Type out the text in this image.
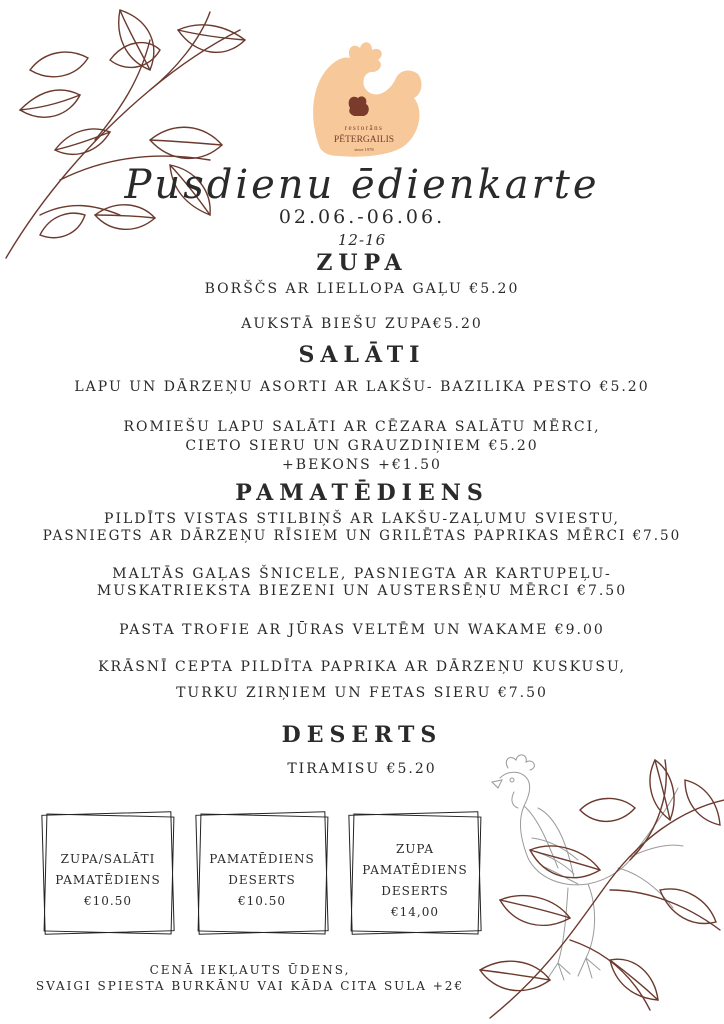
restorāns
PĒTERGAILIS
since 1978
Pusdienu ēdienkarte
02.06.-06.06.
12-16
ZUPA
BORŠČS AR LIELLOPA GAĻU €5.20
AUKSTĀ BIEŠU ZUPA€5.20
SALĀTI
LAPU UN DĀRZEŅU ASORTI AR LAKŠU- BAZILIKA PESTO €5.20
ROMIEŠU LAPU SALĀTI AR CĒZARA SALĀTU MĒRCI,
CIETO SIERU UN GRAUZDIŅIEM €5.20
+BEKONS +€1.50
PAMATĒDIENS
PILDĪTS VISTAS STILBIŅŠ AR LAKŠU-ZAĻUMU SVIESTU,
PASNIEGTS AR DĀRZEŅU RĪSIEM UN GRILĒTAS PAPRIKAS MĒRCI €7.50
MALTĀS GAĻAS ŠNICELE, PASNIEGTA AR KARTUPEĻU-
MUSKATRIEKSTA BIEZENI UN AUSTERSĒŅU MĒRCI €7.50
PASTA TROFIE AR JŪRAS VELTĒM UN WAKAME €9.00
KRĀSNĪ CEPTA PILDĪTA PAPRIKA AR DĀRZEŅU KUSKUSU,
TURKU ZIRŅIEM UN FETAS SIERU €7.50
DESERTS
TIRAMISU €5.20
ZUPA/SALĀTI
PAMATĒDIENS
€10.50
PAMATĒDIENS
DESERTS
€10.50
ZUPA
PAMATĒDIENS
DESERTS
€14,00
CENĀ IEKĻAUTS ŪDENS,
SVAIGI SPIESTA BURKĀNU VAI KĀDA CITA SULA +2€
